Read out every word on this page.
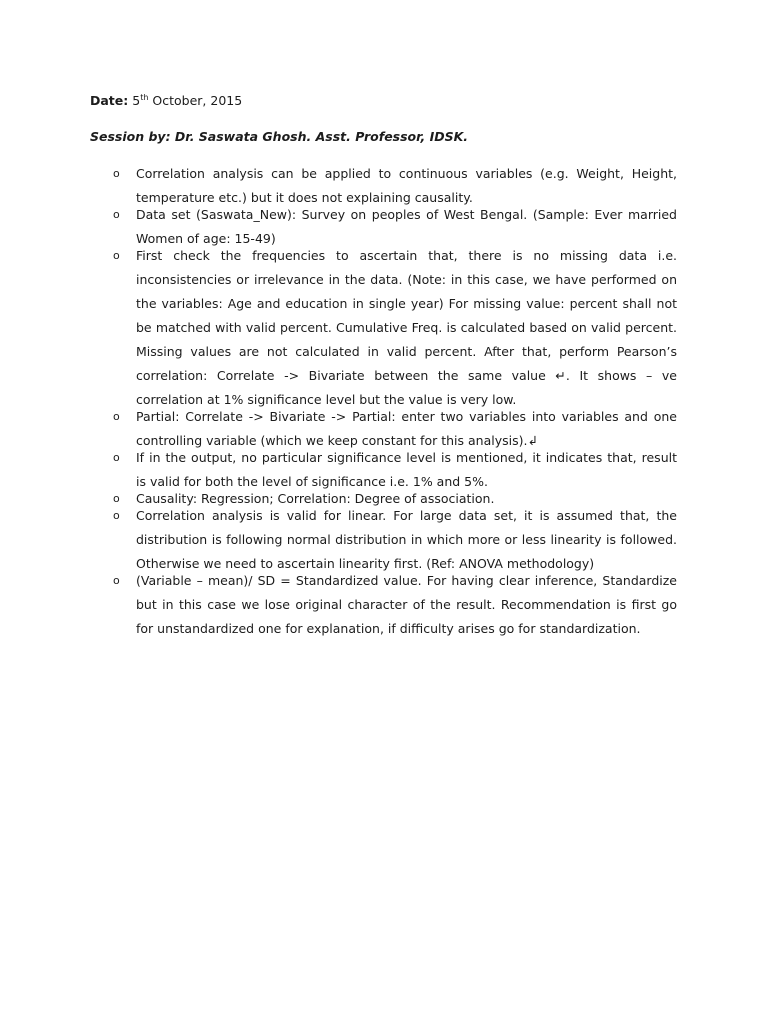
Date: 5th October, 2015
Session by: Dr. Saswata Ghosh. Asst. Professor, IDSK.
o Correlation analysis can be applied to continuous variables (e.g. Weight, Height, temperature etc.) but it does not explaining causality.
o Data set (Saswata_New): Survey on peoples of West Bengal. (Sample: Ever married Women of age: 15-49)
o First check the frequencies to ascertain that, there is no missing data i.e. inconsistencies or irrelevance in the data. (Note: in this case, we have performed on the variables: Age and education in single year) For missing value: percent shall not be matched with valid percent. Cumulative Freq. is calculated based on valid percent. Missing values are not calculated in valid percent. After that, perform Pearson’s correlation: Correlate -> Bivariate between the same value ↵. It shows – ve correlation at 1% significance level but the value is very low.
o Partial: Correlate -> Bivariate -> Partial: enter two variables into variables and one controlling variable (which we keep constant for this analysis).↲
o If in the output, no particular significance level is mentioned, it indicates that, result is valid for both the level of significance i.e. 1% and 5%.
o Causality: Regression; Correlation: Degree of association.
o Correlation analysis is valid for linear. For large data set, it is assumed that, the distribution is following normal distribution in which more or less linearity is followed. Otherwise we need to ascertain linearity first. (Ref: ANOVA methodology)
o (Variable – mean)/ SD = Standardized value. For having clear inference, Standardize but in this case we lose original character of the result. Recommendation is first go for unstandardized one for explanation, if difficulty arises go for standardization.
